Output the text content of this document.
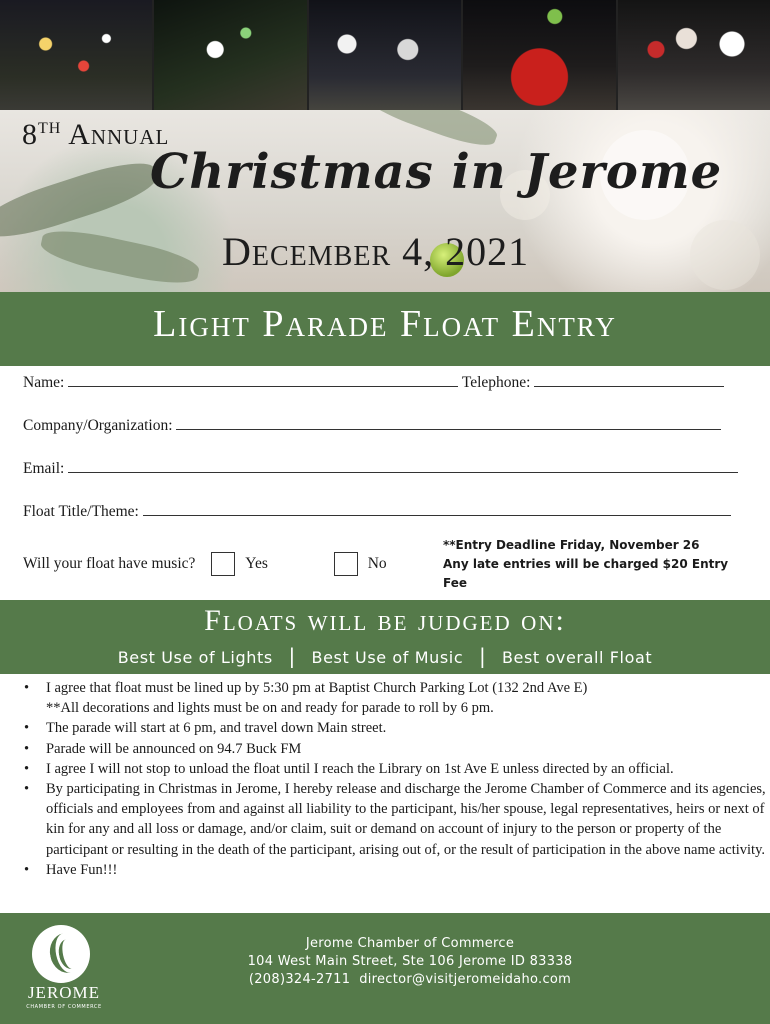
8TH Annual
Christmas in Jerome
December 4, 2021
Light Parade Float Entry
Name:	Telephone:
Company/Organization:
Email:
Float Title/Theme:
Will your float have music?	Yes	No
**Entry Deadline Friday, November 26
Any late entries will be charged $20 Entry Fee
Floats will be judged on:
Best Use of Lights | Best Use of Music | Best overall Float
• I agree that float must be lined up by 5:30 pm at Baptist Church Parking Lot (132 2nd Ave E)
**All decorations and lights must be on and ready for parade to roll by 6 pm.
• The parade will start at 6 pm, and travel down Main street.
• Parade will be announced on 94.7 Buck FM
• I agree I will not stop to unload the float until I reach the Library on 1st Ave E unless directed by an official.
• By participating in Christmas in Jerome, I hereby release and discharge the Jerome Chamber of Commerce and its agencies, officials and employees from and against all liability to the participant, his/her spouse, legal representatives, heirs or next of kin for any and all loss or damage, and/or claim, suit or demand on account of injury to the person or property of the participant or resulting in the death of the participant, arising out of, or the result of participation in the above name activity.
• Have Fun!!!
JEROME
CHAMBER OF COMMERCE
Jerome Chamber of Commerce
104 West Main Street, Ste 106 Jerome ID 83338
(208)324-2711 director@visitjeromeidaho.com
